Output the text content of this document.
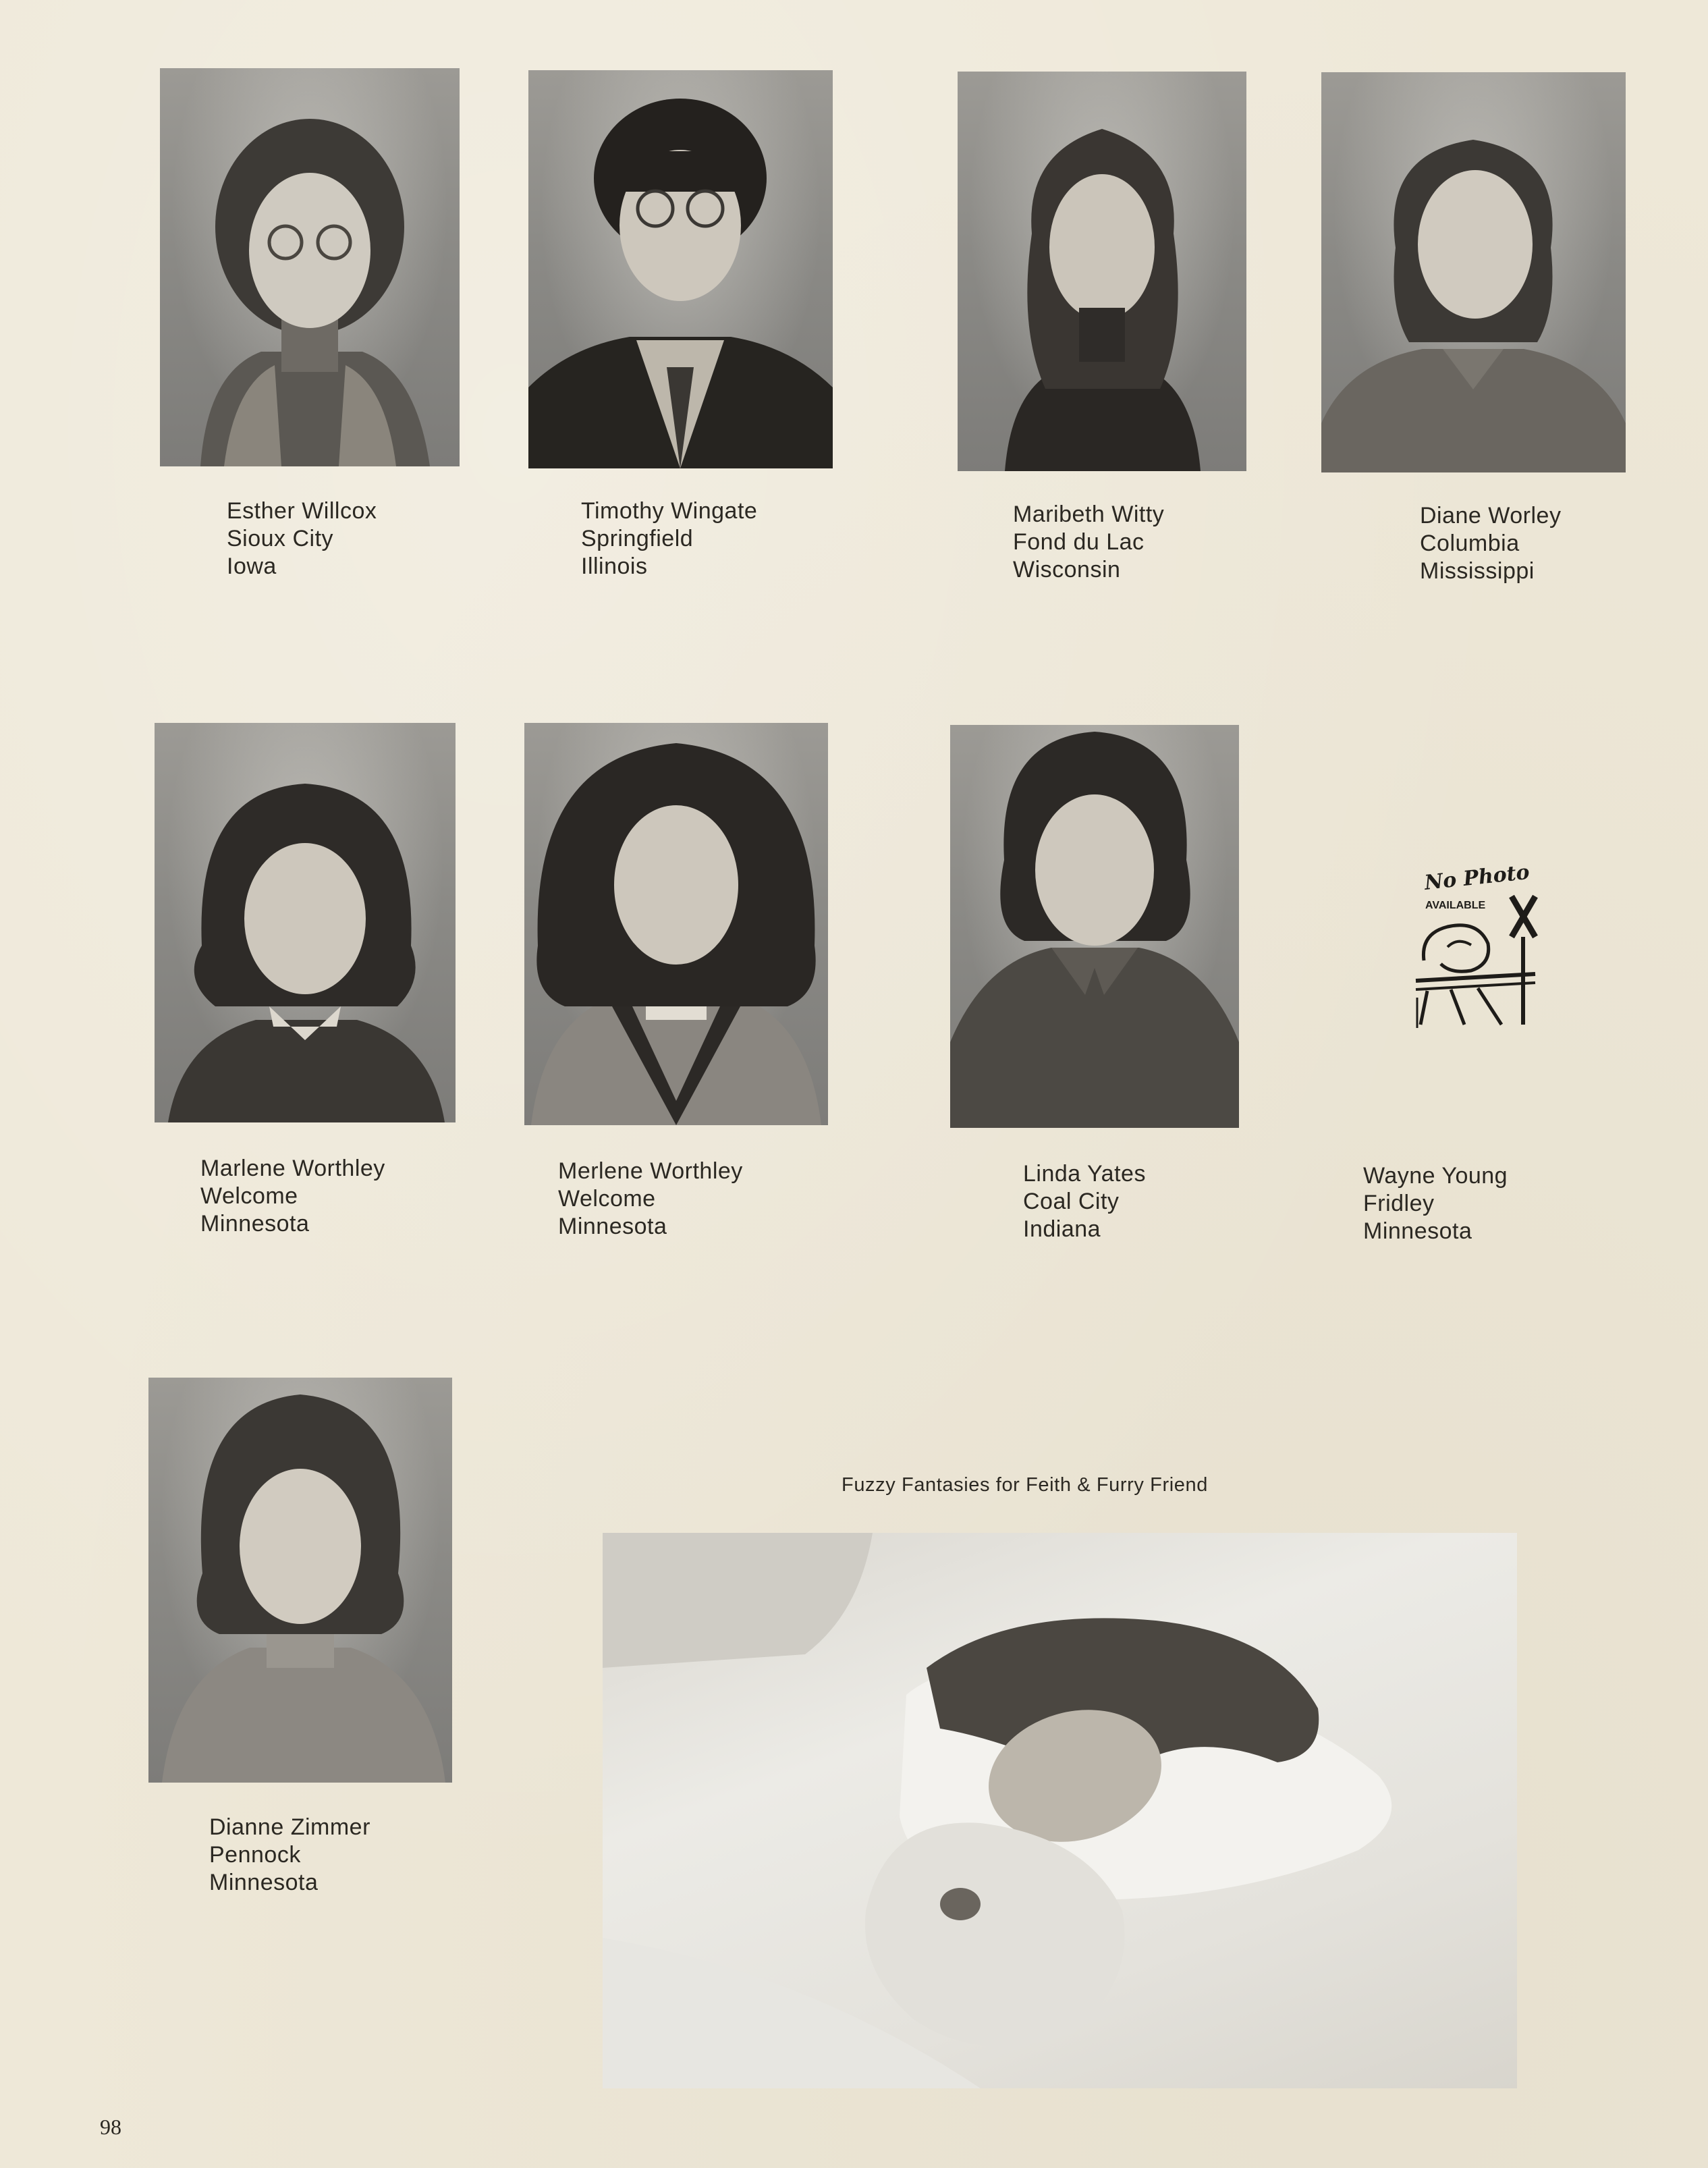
Esther Willcox
Sioux City
Iowa
Timothy Wingate
Springfield
Illinois
Maribeth Witty
Fond du Lac
Wisconsin
Diane Worley
Columbia
Mississippi
Marlene Worthley
Welcome
Minnesota
Merlene Worthley
Welcome
Minnesota
Linda Yates
Coal City
Indiana
No Photo
AVAILABLE
Wayne Young
Fridley
Minnesota
Dianne Zimmer
Pennock
Minnesota
Fuzzy Fantasies for Feith & Furry Friend
98
